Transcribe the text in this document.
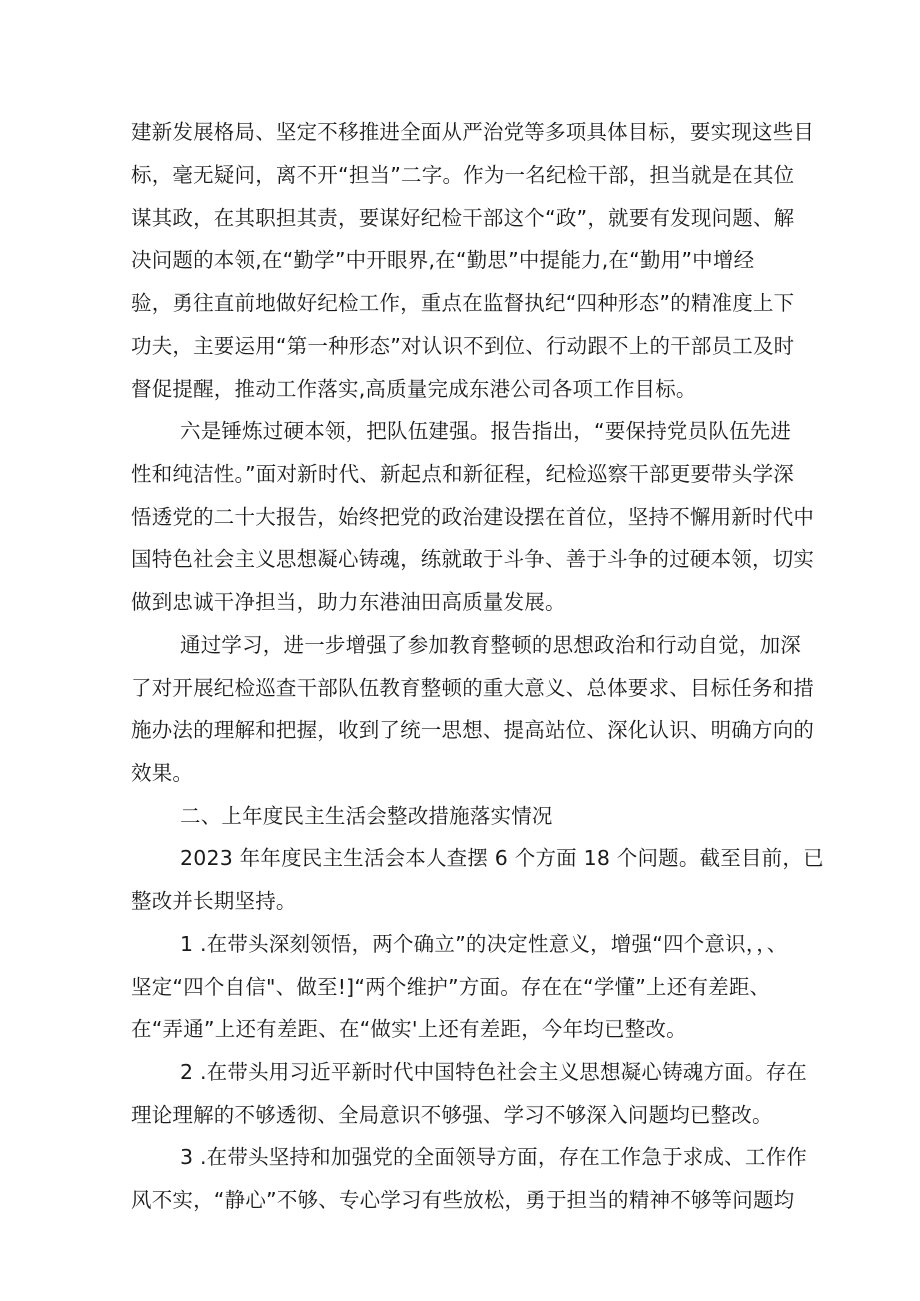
建新发展格局、坚定不移推进全面从严治党等多项具体目标，要实现这些目
标，毫无疑问，离不开“担当”二字。作为一名纪检干部，担当就是在其位
谋其政，在其职担其责，要谋好纪检干部这个“政”，就要有发现问题、解
决问题的本领,在“勤学”中开眼界,在“勤思”中提能力,在“勤用”中增经
验，勇往直前地做好纪检工作，重点在监督执纪“四种形态”的精准度上下
功夫，主要运用“第一种形态”对认识不到位、行动跟不上的干部员工及时
督促提醒，推动工作落实,高质量完成东港公司各项工作目标。
六是锤炼过硬本领，把队伍建强。报告指出，“要保持党员队伍先进
性和纯洁性。”面对新时代、新起点和新征程，纪检巡察干部更要带头学深
悟透党的二十大报告，始终把党的政治建设摆在首位，坚持不懈用新时代中
国特色社会主义思想凝心铸魂，练就敢于斗争、善于斗争的过硬本领，切实
做到忠诚干净担当，助力东港油田高质量发展。
通过学习，进一步增强了参加教育整顿的思想政治和行动自觉，加深
了对开展纪检巡查干部队伍教育整顿的重大意义、总体要求、目标任务和措
施办法的理解和把握，收到了统一思想、提高站位、深化认识、明确方向的
效果。
二、上年度民主生活会整改措施落实情况
2023 年年度民主生活会本人查摆 6 个方面 18 个问题。截至目前，已
整改并长期坚持。
1 .在带头深刻领悟，两个确立”的决定性意义，增强“四个意识，，、
坚定“四个自信"、做至!]“两个维护”方面。存在在“学懂”上还有差距、
在“弄通”上还有差距、在“做实'上还有差距，今年均已整改。
2 .在带头用习近平新时代中国特色社会主义思想凝心铸魂方面。存在
理论理解的不够透彻、全局意识不够强、学习不够深入问题均已整改。
3 .在带头坚持和加强党的全面领导方面，存在工作急于求成、工作作
风不实，“静心”不够、专心学习有些放松，勇于担当的精神不够等问题均
